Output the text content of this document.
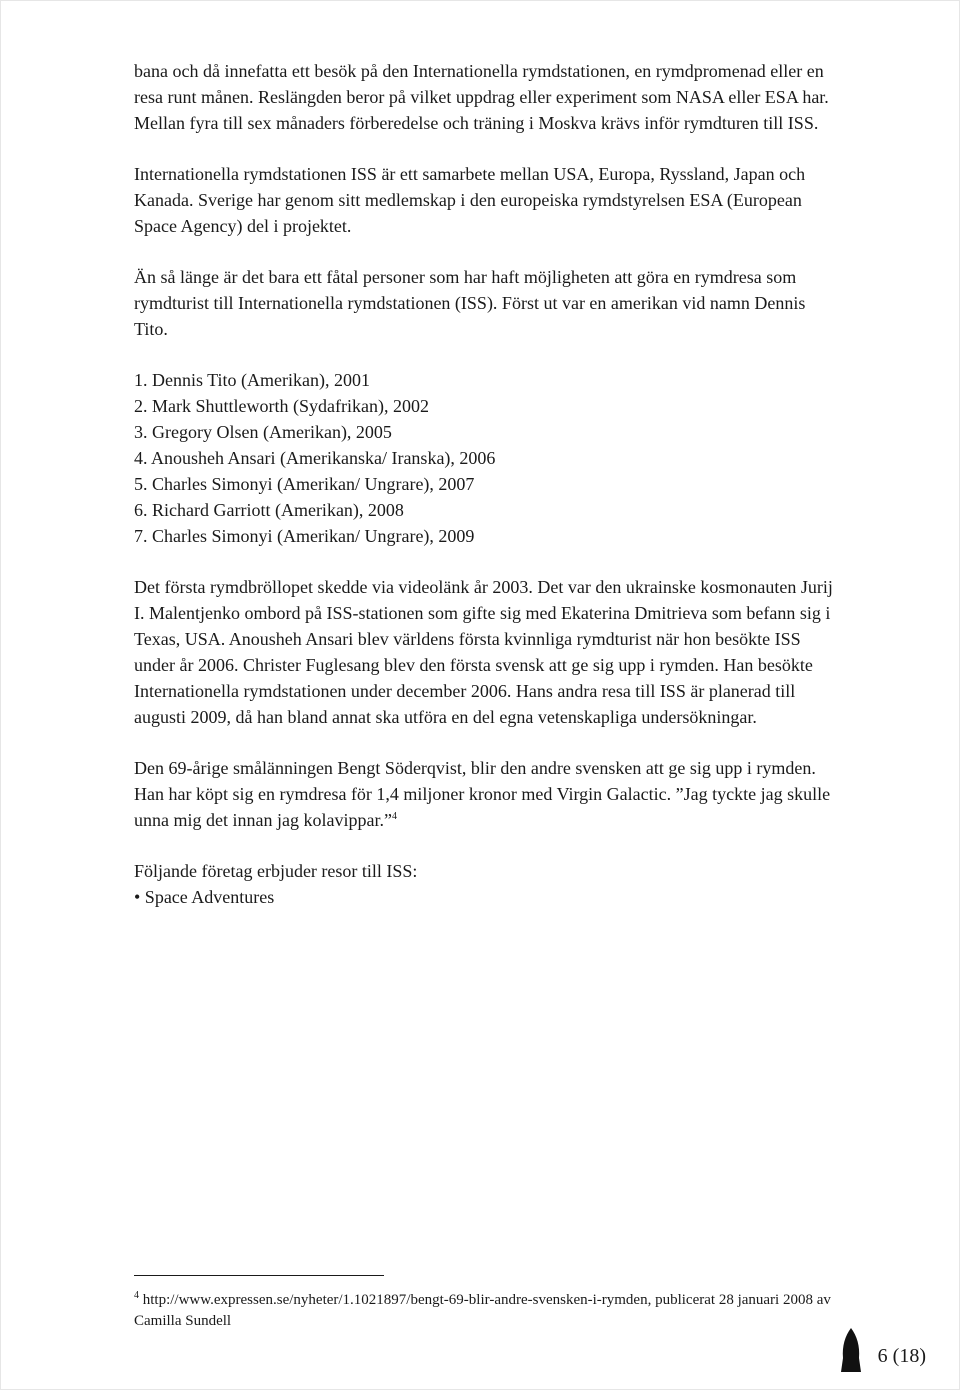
bana och då innefatta ett besök på den Internationella rymdstationen, en rymdpromenad eller en resa runt månen. Reslängden beror på vilket uppdrag eller experiment som NASA eller ESA har. Mellan fyra till sex månaders förberedelse och träning i Moskva krävs inför rymdturen till ISS.

Internationella rymdstationen ISS är ett samarbete mellan USA, Europa, Ryssland, Japan och Kanada. Sverige har genom sitt medlemskap i den europeiska rymdstyrelsen ESA (European Space Agency) del i projektet.

Än så länge är det bara ett fåtal personer som har haft möjligheten att göra en rymdresa som rymdturist till Internationella rymdstationen (ISS). Först ut var en amerikan vid namn Dennis Tito.

1. Dennis Tito (Amerikan), 2001
2. Mark Shuttleworth (Sydafrikan), 2002
3. Gregory Olsen (Amerikan), 2005
4. Anousheh Ansari (Amerikanska/ Iranska), 2006
5. Charles Simonyi (Amerikan/ Ungrare), 2007
6. Richard Garriott (Amerikan), 2008
7. Charles Simonyi (Amerikan/ Ungrare), 2009

Det första rymdbröllopet skedde via videolänk år 2003. Det var den ukrainske kosmonauten Jurij I. Malentjenko ombord på ISS-stationen som gifte sig med Ekaterina Dmitrieva som befann sig i Texas, USA. Anousheh Ansari blev världens första kvinnliga rymdturist när hon besökte ISS under år 2006. Christer Fuglesang blev den första svensk att ge sig upp i rymden. Han besökte Internationella rymdstationen under december 2006. Hans andra resa till ISS är planerad till augusti 2009, då han bland annat ska utföra en del egna vetenskapliga undersökningar.

Den 69-årige smålänningen Bengt Söderqvist, blir den andre svensken att ge sig upp i rymden. Han har köpt sig en rymdresa för 1,4 miljoner kronor med Virgin Galactic. ”Jag tyckte jag skulle unna mig det innan jag kolavippar.”$^4$

Följande företag erbjuder resor till ISS:

• Space Adventures

$^4$ http://www.expressen.se/nyheter/1.1021897/bengt-69-blir-andre-svensken-i-rymden, publicerat 28 januari 2008 av Camilla Sundell
6 (18)
